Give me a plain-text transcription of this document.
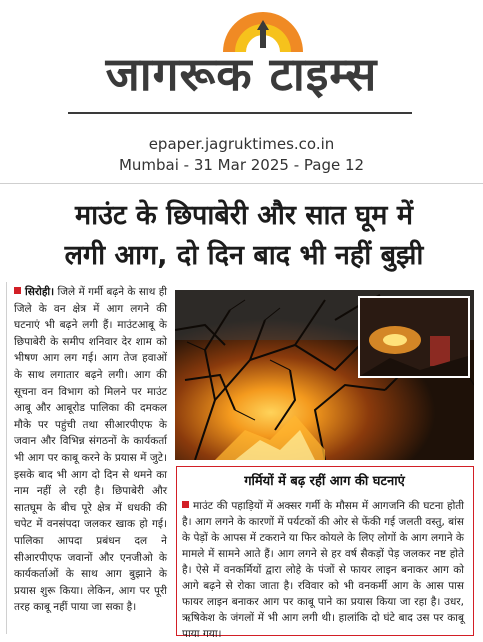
जागरूक टाइम्स
epaper.jagruktimes.co.in
Mumbai - 31 Mar 2025 - Page 12
माउंट के छिपाबेरी और सात घूम में
लगी आग, दो दिन बाद भी नहीं बुझी
सिरोही। जिले में गर्मी बढ़ने के साथ ही जिले के वन क्षेत्र में आग लगने की घटनाएं भी बढ़ने लगी हैं। माउंटआबू के छिपाबेरी के समीप शनिवार देर शाम को भीषण आग लग गई। आग तेज हवाओं के साथ लगातार बढ़ने लगी। आग की सूचना वन विभाग को मिलने पर माउंट आबू और आबूरोड पालिका की दमकल मौके पर पहुंची तथा सीआरपीएफ के जवान और विभिन्न संगठनों के कार्यकर्ता भी आग पर काबू करने के प्रयास में जुटे। इसके बाद भी आग दो दिन से थमने का नाम नहीं ले रही है। छिपाबेरी और सातघूम के बीच पूरे क्षेत्र में धधकी की चपेट में वनसंपदा जलकर खाक हो गई। पालिका आपदा प्रबंधन दल ने सीआरपीएफ जवानों और एनजीओ के कार्यकर्ताओं के साथ आग बुझाने के प्रयास शुरू किया। लेकिन, आग पर पूरी तरह काबू नहीं पाया जा सका है।
गर्मियों में बढ़ रहीं आग की घटनाएं
माउंट की पहाड़ियों में अक्सर गर्मी के मौसम में आगजनि की घटना होती है। आग लगने के कारणों में पर्यटकों की ओर से फेंकी गई जलती वस्तु, बांस के पेड़ों के आपस में टकराने या फिर कोयले के लिए लोगों के आग लगाने के मामले में सामने आते हैं। आग लगने से हर वर्ष सैकड़ों पेड़ जलकर नष्ट होते है। ऐसे में वनकर्मियों द्वारा लोहे के पंजों से फायर लाइन बनाकर आग को आगे बढ़ने से रोका जाता है। रविवार को भी वनकर्मी आग के आस पास फायर लाइन बनाकर आग पर काबू पाने का प्रयास किया जा रहा है। उधर, ऋषिकेश के जंगलों में भी आग लगी थी। हालांकि दो घंटे बाद उस पर काबू पाया गया।
